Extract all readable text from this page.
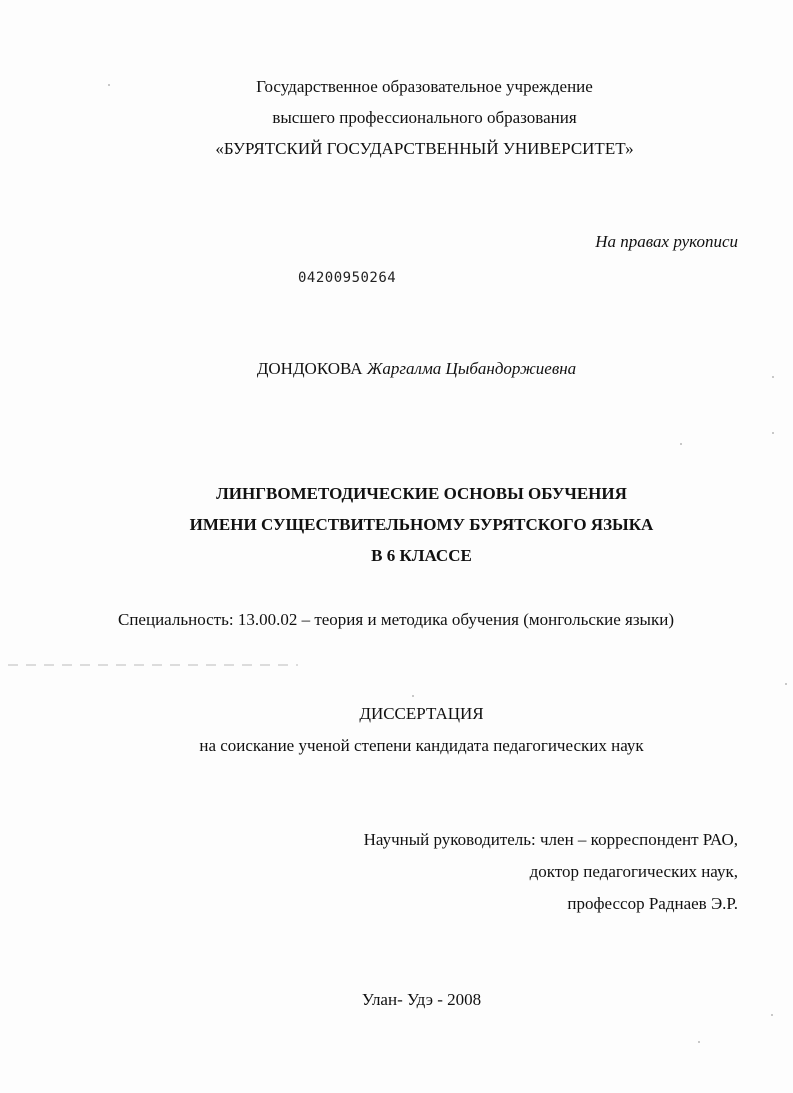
Государственное образовательное учреждение
высшего профессионального образования
«БУРЯТСКИЙ ГОСУДАРСТВЕННЫЙ УНИВЕРСИТЕТ»
На правах рукописи
04200950264
ДОНДОКОВА Жаргалма Цыбандоржиевна
ЛИНГВОМЕТОДИЧЕСКИЕ ОСНОВЫ ОБУЧЕНИЯ
ИМЕНИ СУЩЕСТВИТЕЛЬНОМУ БУРЯТСКОГО ЯЗЫКА
В 6 КЛАССЕ
Специальность: 13.00.02 – теория и методика обучения (монгольские языки)
ДИССЕРТАЦИЯ
на соискание ученой степени кандидата педагогических наук
Научный руководитель: член – корреспондент РАО,
доктор педагогических наук,
профессор Раднаев Э.Р.
Улан- Удэ - 2008
